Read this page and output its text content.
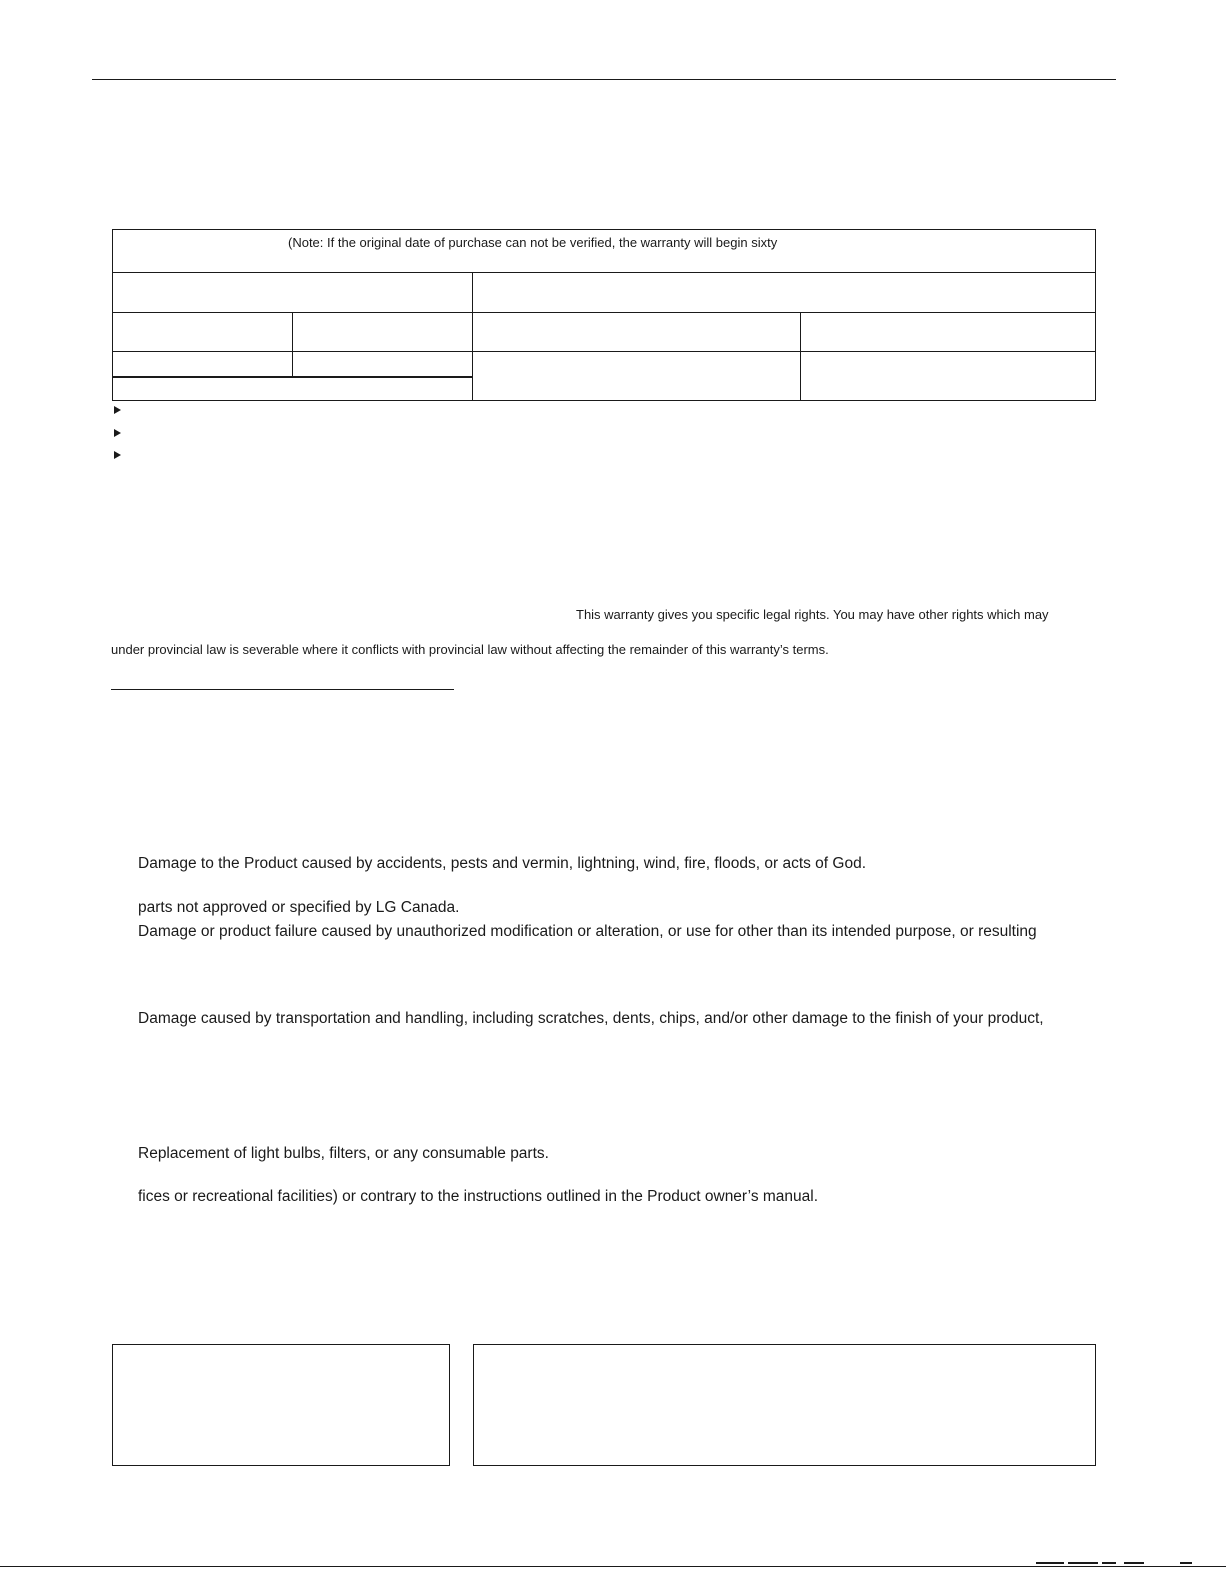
(Note: If the original date of purchase can not be verified, the warranty will begin sixty
This warranty gives you specific legal rights. You may have other rights which may
under provincial law is severable where it conflicts with provincial law without affecting the remainder of this warranty’s terms.
Damage to the Product caused by accidents, pests and vermin, lightning, wind, fire, floods, or acts of God.
parts not approved or specified by LG Canada.
Damage or product failure caused by unauthorized modification or alteration, or use for other than its intended purpose, or resulting
Damage caused by transportation and handling, including scratches, dents, chips, and/or other damage to the finish of your product,
Replacement of light bulbs, filters, or any consumable parts.
fices or recreational facilities) or contrary to the instructions outlined in the Product owner’s manual.
